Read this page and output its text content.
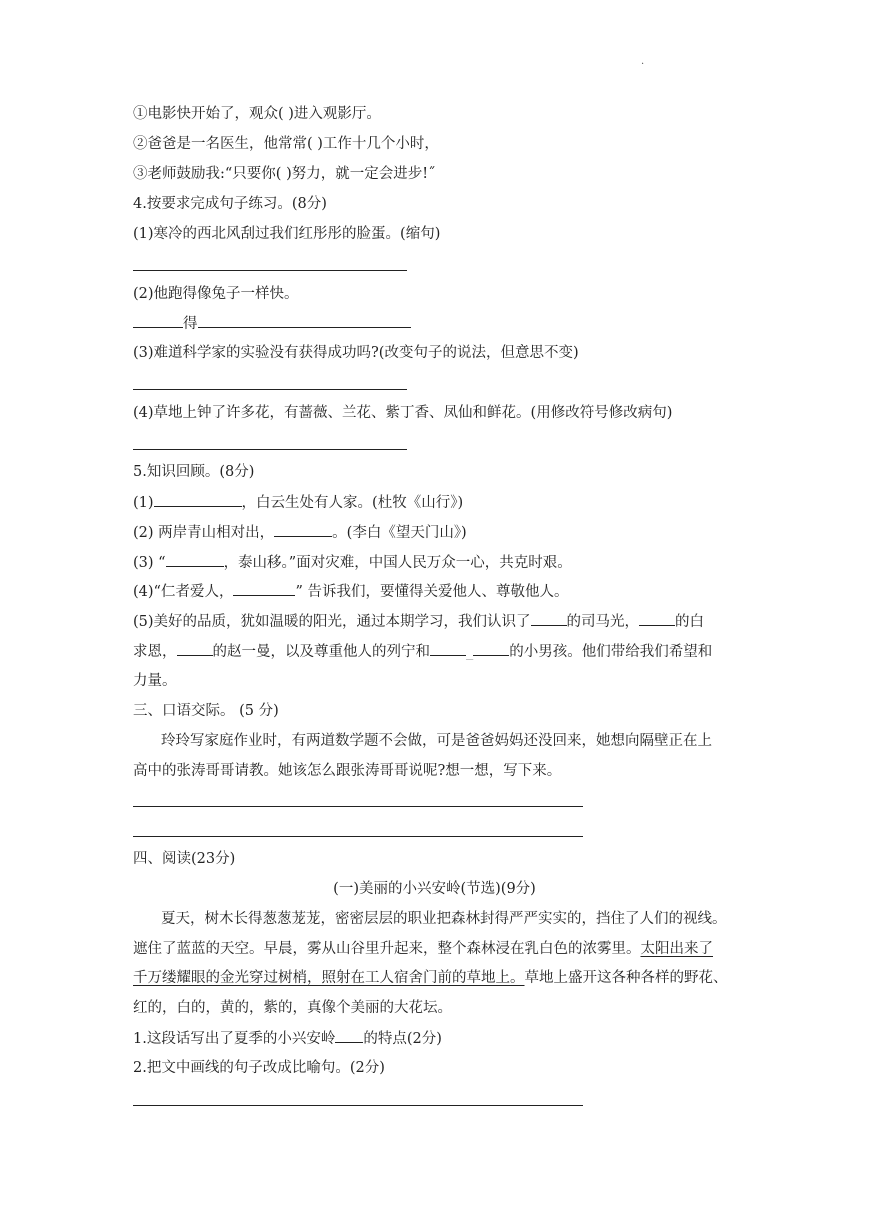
.
①电影快开始了，观众( )进入观影厅。
②爸爸是一名医生，他常常( )工作十几个小时，
③老师鼓励我:“只要你( )努力，就一定会进步!˝
4.按要求完成句子练习。(8分)
(1)寒冷的西北风刮过我们红彤彤的脸蛋。(缩句)
(2)他跑得像兔子一样快。
得
(3)难道科学家的实验没有获得成功吗?(改变句子的说法，但意思不变)
(4)草地上钟了许多花，有蔷薇、兰花、紫丁香、凤仙和鲜花。(用修改符号修改病句)
5.知识回顾。(8分)
(1)	，白云生处有人家。(杜牧《山行》)
(2) 两岸青山相对出，	。(李白《望天门山》)
(3) “	，泰山移。”面对灾难，中国人民万众一心，共克时艰。
(4)“仁者爱人，	” 告诉我们，要懂得关爱他人、尊敬他人。
(5)美好的品质，犹如温暖的阳光，通过本期学习，我们认识了 的司马光， 的白
求恩， 的赵一曼，以及尊重他人的列宁和 _ 的小男孩。他们带给我们希望和
力量。
三、口语交际。 (5 分)
玲玲写家庭作业时，有两道数学题不会做，可是爸爸妈妈还没回来，她想向隔壁正在上
高中的张涛哥哥请教。她该怎么跟张涛哥哥说呢?想一想，写下来。
四、阅读(23分)
(一)美丽的小兴安岭(节选)(9分)
夏天，树木长得葱葱茏茏，密密层层的职业把森林封得严严实实的，挡住了人们的视线。
遮住了蓝蓝的天空。早晨，雾从山谷里升起来，整个森林浸在乳白色的浓雾里。太阳出来了
千万缕耀眼的金光穿过树梢，照射在工人宿舍门前的草地上。草地上盛开这各种各样的野花、
红的，白的，黄的，紫的，真像个美丽的大花坛。
1.这段话写出了夏季的小兴安岭 的特点(2分)
2.把文中画线的句子改成比喻句。(2分)
